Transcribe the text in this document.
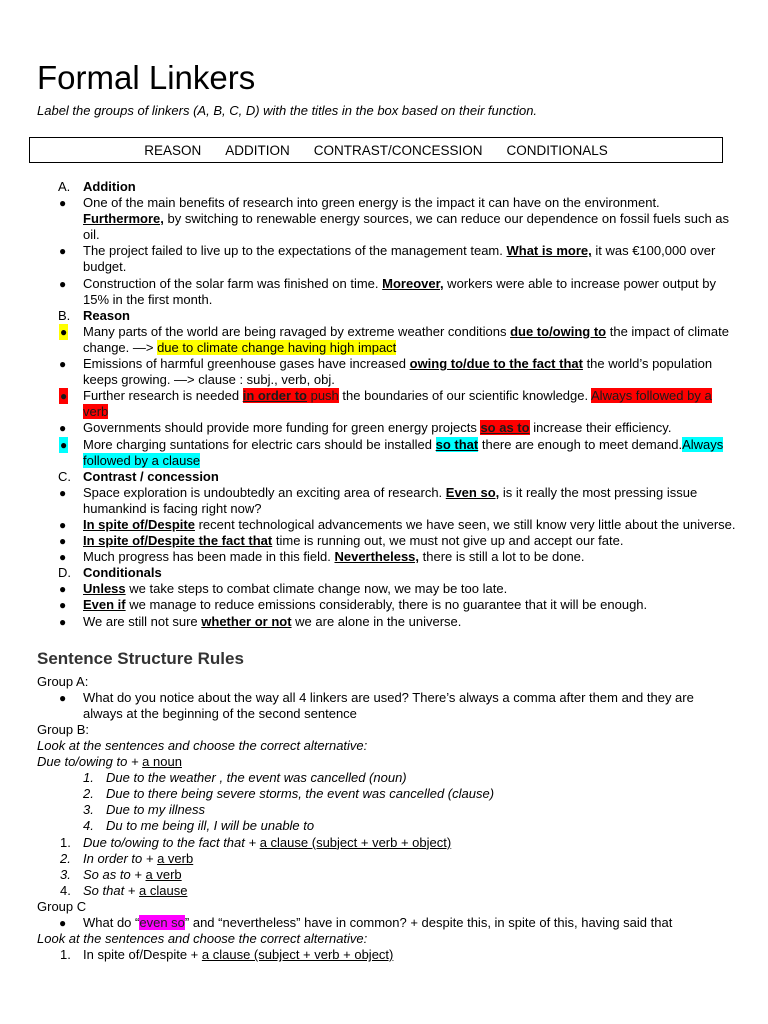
Formal Linkers
Label the groups of linkers (A, B, C, D) with the titles in the box based on their function.
REASON ADDITION CONTRAST/CONCESSION CONDITIONALS
A. Addition
● One of the main benefits of research into green energy is the impact it can have on the environment. Furthermore, by switching to renewable energy sources, we can reduce our dependence on fossil fuels such as oil.
● The project failed to live up to the expectations of the management team. What is more, it was €100,000 over budget.
● Construction of the solar farm was finished on time. Moreover, workers were able to increase power output by 15% in the first month.
B. Reason
● Many parts of the world are being ravaged by extreme weather conditions due to/owing to the impact of climate change. —> due to climate change having high impact
● Emissions of harmful greenhouse gases have increased owing to/due to the fact that the world’s population keeps growing. —> clause : subj., verb, obj.
● Further research is needed in order to push the boundaries of our scientific knowledge. Always followed by a verb
● Governments should provide more funding for green energy projects so as to increase their efficiency.
● More charging suntations for electric cars should be installed so that there are enough to meet demand.Always followed by a clause
C. Contrast / concession
● Space exploration is undoubtedly an exciting area of research. Even so, is it really the most pressing issue humankind is facing right now?
● In spite of/Despite recent technological advancements we have seen, we still know very little about the universe.
● In spite of/Despite the fact that time is running out, we must not give up and accept our fate.
● Much progress has been made in this field. Nevertheless, there is still a lot to be done.
D. Conditionals
● Unless we take steps to combat climate change now, we may be too late.
● Even if we manage to reduce emissions considerably, there is no guarantee that it will be enough.
● We are still not sure whether or not we are alone in the universe.
Sentence Structure Rules
Group A:
● What do you notice about the way all 4 linkers are used? There’s always a comma after them and they are always at the beginning of the second sentence
Group B:
Look at the sentences and choose the correct alternative:
Due to/owing to + a noun
1. Due to the weather , the event was cancelled (noun)
2. Due to there being severe storms, the event was cancelled (clause)
3. Due to my illness
4. Du to me being ill, I will be unable to
1. Due to/owing to the fact that + a clause (subject + verb + object)
2. In order to + a verb
3. So as to + a verb
4. So that + a clause
Group C
● What do “even so” and “nevertheless” have in common? + despite this, in spite of this, having said that
Look at the sentences and choose the correct alternative:
1. In spite of/Despite + a clause (subject + verb + object)
